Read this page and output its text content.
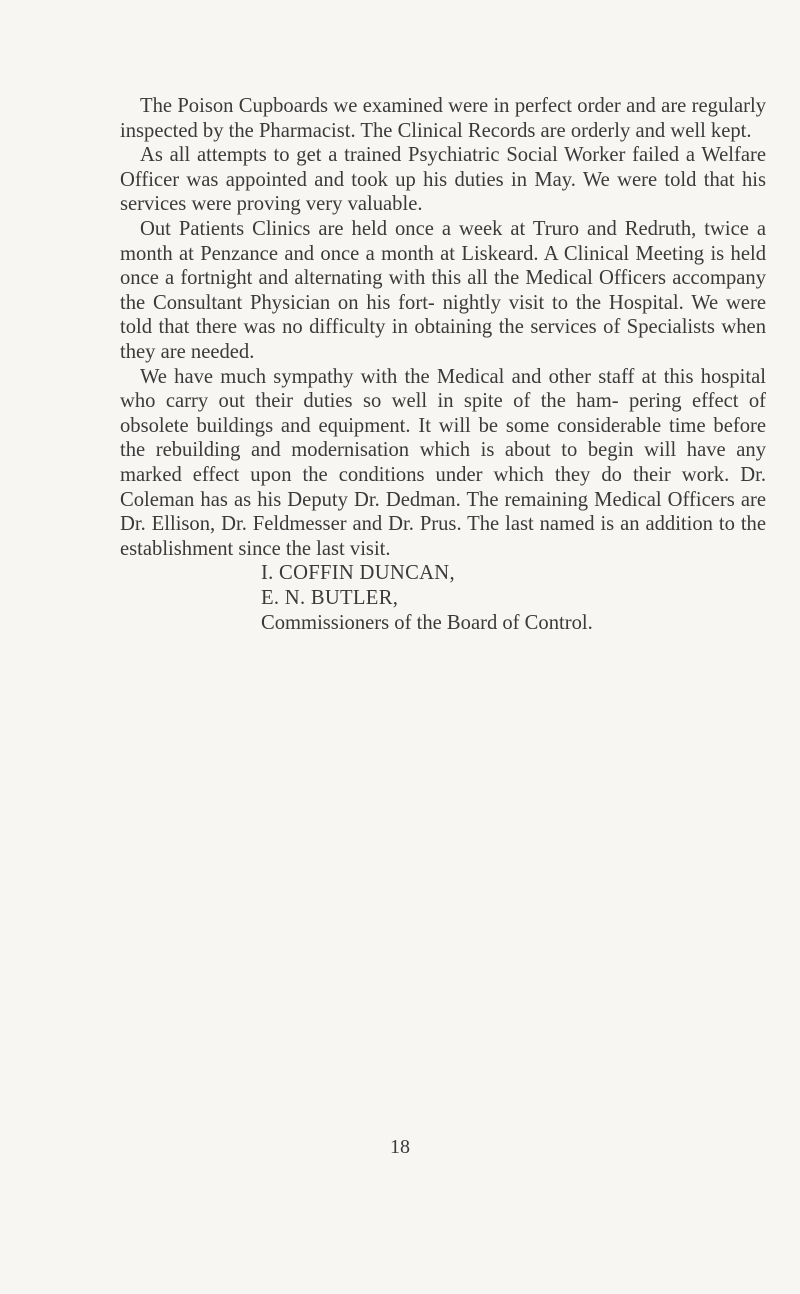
The Poison Cupboards we examined were in perfect order and are regularly inspected by the Pharmacist. The Clinical Records are orderly and well kept.

As all attempts to get a trained Psychiatric Social Worker failed a Welfare Officer was appointed and took up his duties in May. We were told that his services were proving very valuable.

Out Patients Clinics are held once a week at Truro and Redruth, twice a month at Penzance and once a month at Liskeard. A Clinical Meeting is held once a fortnight and alternating with this all the Medical Officers accompany the Consultant Physician on his fort- nightly visit to the Hospital. We were told that there was no difficulty in obtaining the services of Specialists when they are needed.

We have much sympathy with the Medical and other staff at this hospital who carry out their duties so well in spite of the ham- pering effect of obsolete buildings and equipment. It will be some considerable time before the rebuilding and modernisation which is about to begin will have any marked effect upon the conditions under which they do their work. Dr. Coleman has as his Deputy Dr. Dedman. The remaining Medical Officers are Dr. Ellison, Dr. Feldmesser and Dr. Prus. The last named is an addition to the establishment since the last visit.

I. COFFIN DUNCAN,

E. N. BUTLER,

Commissioners of the Board of Control.

18
